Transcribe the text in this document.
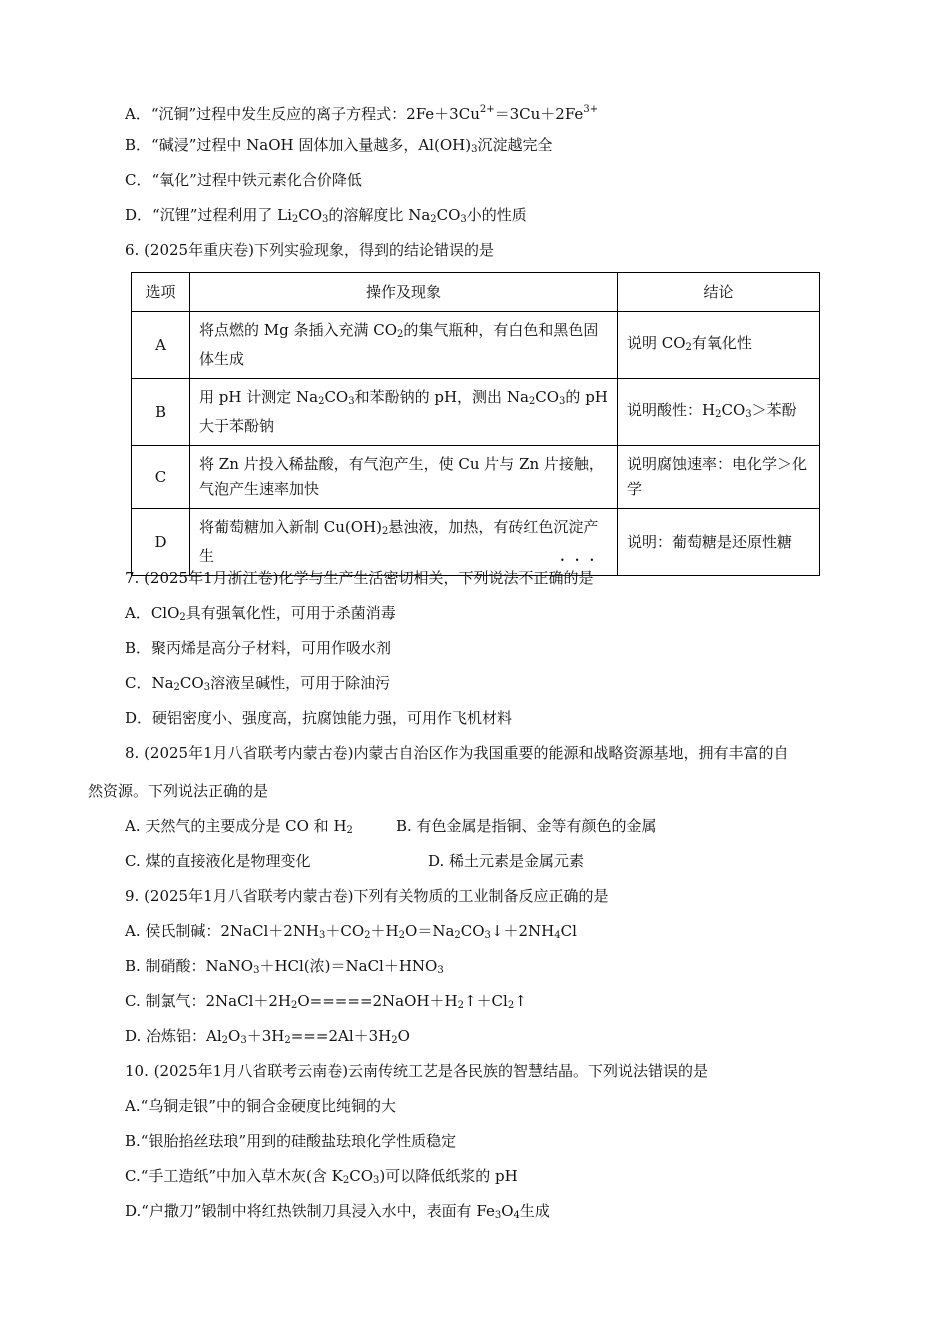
A．“沉铜”过程中发生反应的离子方程式：$2Fe+3Cu^{2+}=3Cu+2Fe^{3+}$
B．“碱浸”过程中 NaOH 固体加入量越多，$Al(OH)_3$沉淀越完全
C．“氧化”过程中铁元素化合价降低
D．“沉锂”过程利用了 $Li_2CO_3$的溶解度比 $Na_2CO_3$小的性质
6. (2025年重庆卷)下列实验现象，得到的结论错误的是
选项	操作及现象	结论
A	将点燃的 Mg 条插入充满 $CO_2$的集气瓶种，有白色和黑色固体生成	说明 $CO_2$有氧化性
B	用 pH 计测定 $Na_2CO_3$和苯酚钠的 pH，测出 $Na_2CO_3$的 pH 大于苯酚钠	说明酸性：$H_2CO_3>$苯酚
C	将 Zn 片投入稀盐酸，有气泡产生，使 Cu 片与 Zn 片接触，气泡产生速率加快	说明腐蚀速率：电化学＞化学
D	将葡萄糖加入新制 $Cu(OH)_2$悬浊液，加热，有砖红色沉淀产生	说明：葡萄糖是还原性糖
•••
7. (2025年1月浙江卷)化学与生产生活密切相关，下列说法不正确的是
A．ClO$_2$具有强氧化性，可用于杀菌消毒
B．聚丙烯是高分子材料，可用作吸水剂
C．$Na_2CO_3$溶液呈碱性，可用于除油污
D．硬铝密度小、强度高，抗腐蚀能力强，可用作飞机材料
8. (2025年1月八省联考内蒙古卷)内蒙古自治区作为我国重要的能源和战略资源基地，拥有丰富的自
然资源。下列说法正确的是
A. 天然气的主要成分是 CO 和 $H_2$	B. 有色金属是指铜、金等有颜色的金属
C. 煤的直接液化是物理变化	D. 稀土元素是金属元素
9. (2025年1月八省联考内蒙古卷)下列有关物质的工业制备反应正确的是
A. 侯氏制碱：$2NaCl+2NH_3+CO_2+H_2O=Na_2CO_3↓+2NH_4Cl$
B. 制硝酸：NaNO$_3$＋HCl(浓)$=NaCl+HNO_3$
C. 制氯气：$2NaCl+2H_2O=====2NaOH+H_2↑+Cl_2↑$
D. 冶炼铝：$Al_2O_3+3H_2===2Al+3H_2O$
10. (2025年1月八省联考云南卷)云南传统工艺是各民族的智慧结晶。下列说法错误的是
A.“乌铜走银”中的铜合金硬度比纯铜的大
B.“银胎掐丝珐琅”用到的硅酸盐珐琅化学性质稳定
C.“手工造纸”中加入草木灰(含 $K_2CO_3$)可以降低纸浆的 pH
D.“户撒刀”锻制中将红热铁制刀具浸入水中，表面有 $Fe_3O_4$生成
